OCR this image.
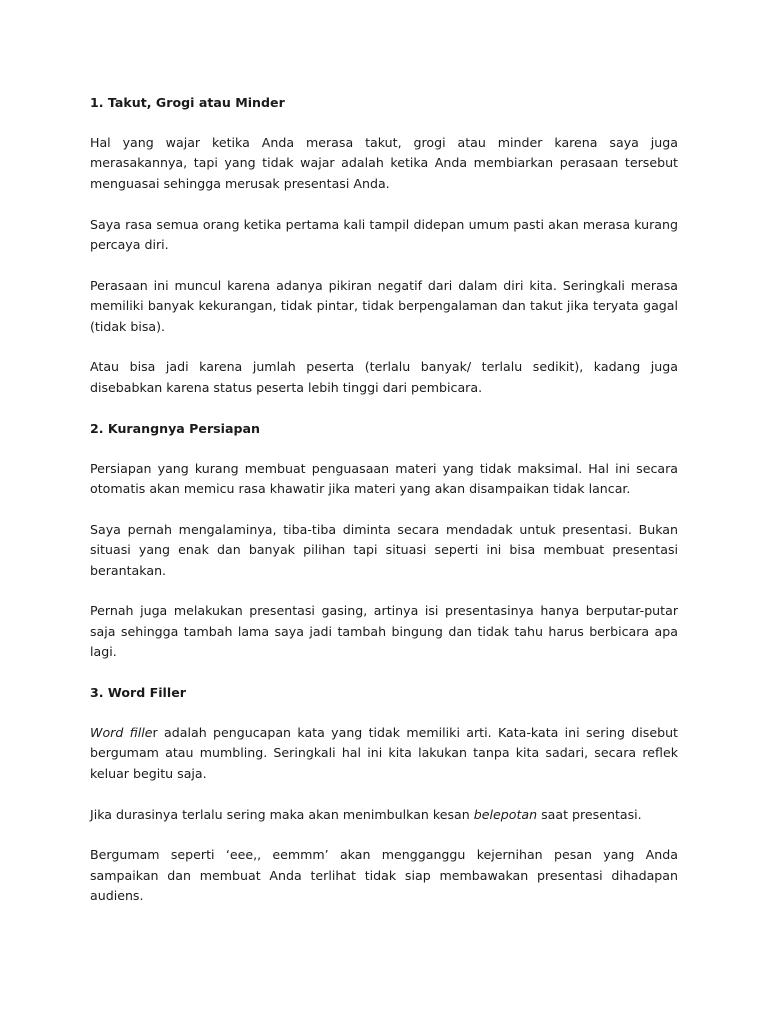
1. Takut, Grogi atau Minder

Hal yang wajar ketika Anda merasa takut, grogi atau minder karena saya juga merasakannya, tapi yang tidak wajar adalah ketika Anda membiarkan perasaan tersebut menguasai sehingga merusak presentasi Anda.

Saya rasa semua orang ketika pertama kali tampil didepan umum pasti akan merasa kurang percaya diri.

Perasaan ini muncul karena adanya pikiran negatif dari dalam diri kita. Seringkali merasa memiliki banyak kekurangan, tidak pintar, tidak berpengalaman dan takut jika teryata gagal (tidak bisa).

Atau bisa jadi karena jumlah peserta (terlalu banyak/ terlalu sedikit), kadang juga disebabkan karena status peserta lebih tinggi dari pembicara.

2. Kurangnya Persiapan

Persiapan yang kurang membuat penguasaan materi yang tidak maksimal. Hal ini secara otomatis akan memicu rasa khawatir jika materi yang akan disampaikan tidak lancar.

Saya pernah mengalaminya, tiba-tiba diminta secara mendadak untuk presentasi. Bukan situasi yang enak dan banyak pilihan tapi situasi seperti ini bisa membuat presentasi berantakan.

Pernah juga melakukan presentasi gasing, artinya isi presentasinya hanya berputar-putar saja sehingga tambah lama saya jadi tambah bingung dan tidak tahu harus berbicara apa lagi.

3. Word Filler

Word filler adalah pengucapan kata yang tidak memiliki arti. Kata-kata ini sering disebut bergumam atau mumbling. Seringkali hal ini kita lakukan tanpa kita sadari, secara reflek keluar begitu saja.

Jika durasinya terlalu sering maka akan menimbulkan kesan belepotan saat presentasi.

Bergumam seperti ‘eee,, eemmm’ akan mengganggu kejernihan pesan yang Anda sampaikan dan membuat Anda terlihat tidak siap membawakan presentasi dihadapan audiens.
